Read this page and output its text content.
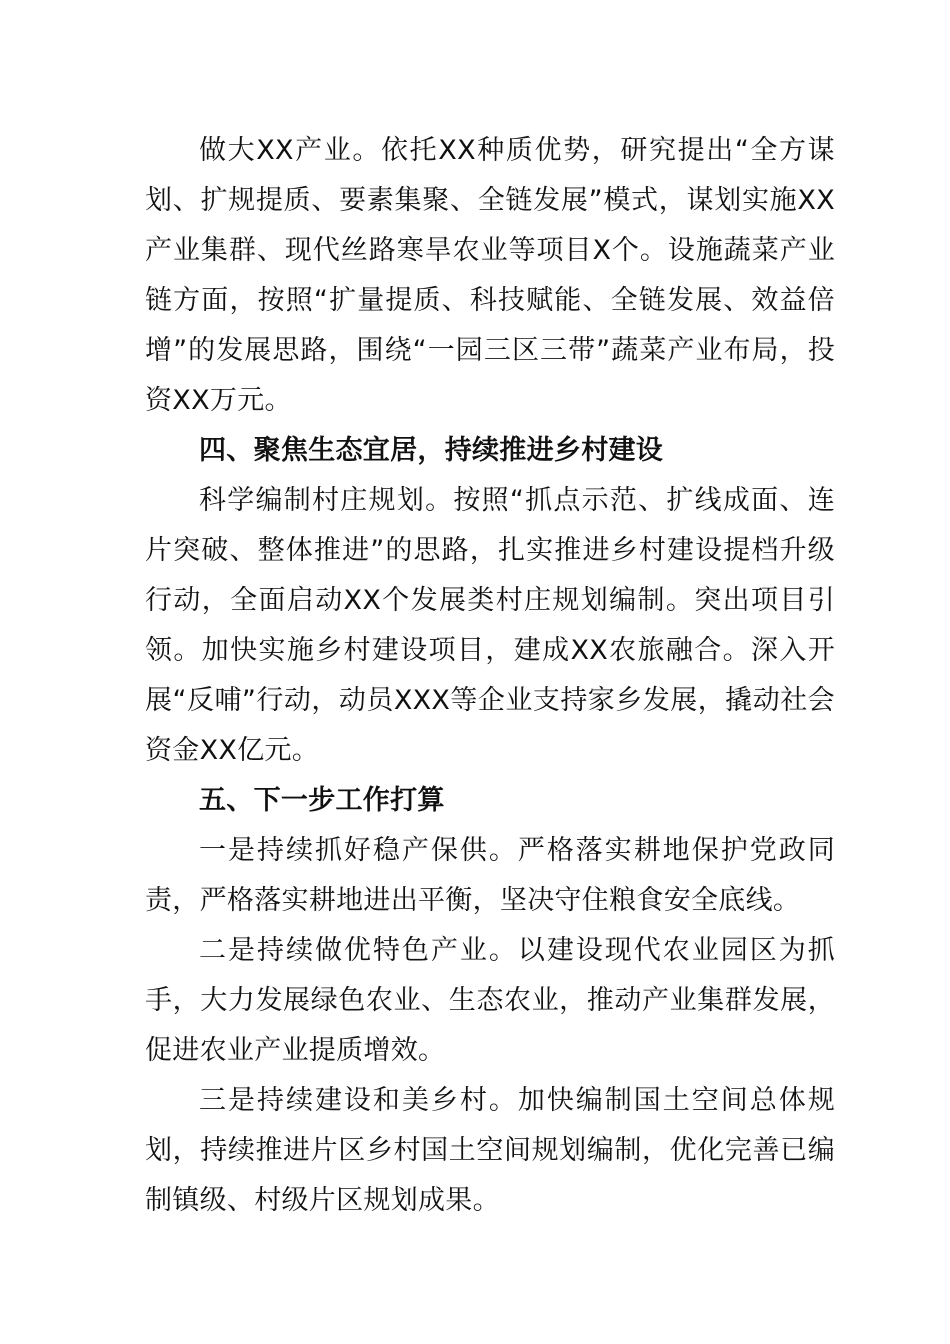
做大XX产业。依托XX种质优势，研究提出“全方谋划、扩规提质、要素集聚、全链发展”模式，谋划实施XX产业集群、现代丝路寒旱农业等项目X个。设施蔬菜产业链方面，按照“扩量提质、科技赋能、全链发展、效益倍增”的发展思路，围绕“一园三区三带”蔬菜产业布局，投资XX万元。

四、聚焦生态宜居，持续推进乡村建设

科学编制村庄规划。按照“抓点示范、扩线成面、连片突破、整体推进”的思路，扎实推进乡村建设提档升级行动，全面启动XX个发展类村庄规划编制。突出项目引领。加快实施乡村建设项目，建成XX农旅融合。深入开展“反哺”行动，动员XXX等企业支持家乡发展，撬动社会资金XX亿元。

五、下一步工作打算

一是持续抓好稳产保供。严格落实耕地保护党政同责，严格落实耕地进出平衡，坚决守住粮食安全底线。

二是持续做优特色产业。以建设现代农业园区为抓手，大力发展绿色农业、生态农业，推动产业集群发展，促进农业产业提质增效。

三是持续建设和美乡村。加快编制国土空间总体规划，持续推进片区乡村国土空间规划编制，优化完善已编制镇级、村级片区规划成果。
